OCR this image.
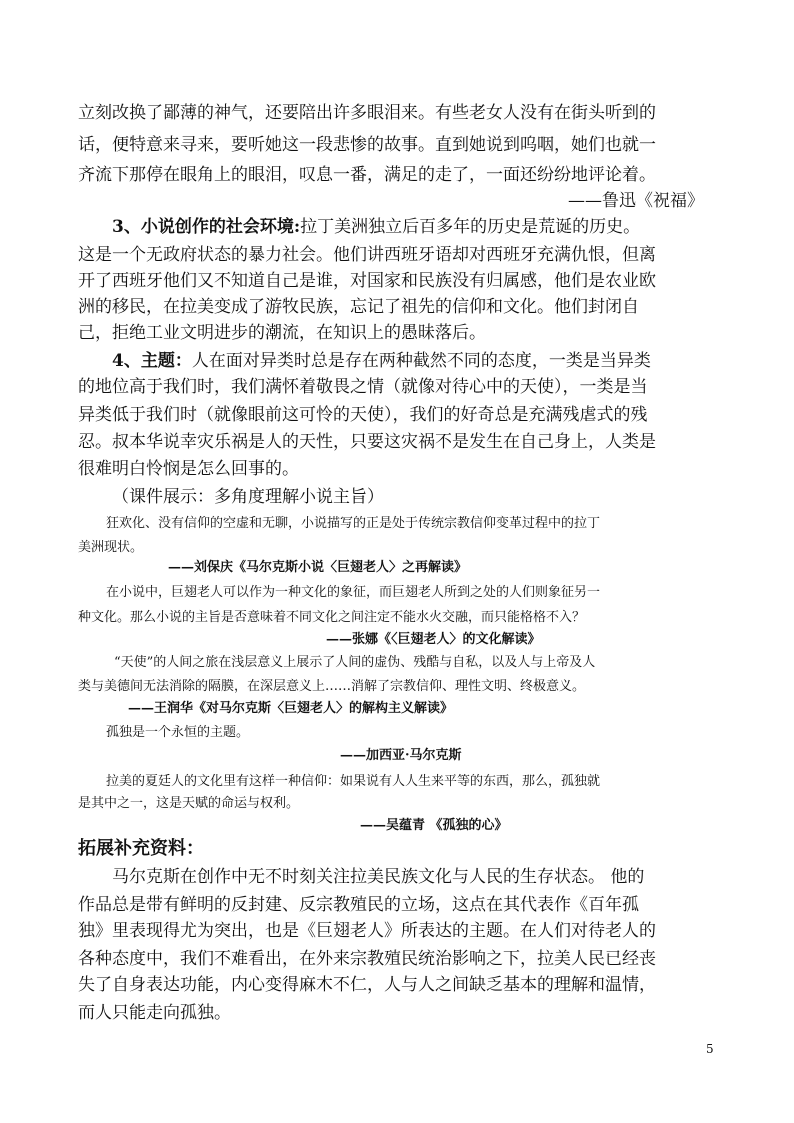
立刻改换了鄙薄的神气，还要陪出许多眼泪来。有些老女人没有在街头听到的
话，便特意来寻来，要听她这一段悲惨的故事。直到她说到呜咽，她们也就一
齐流下那停在眼角上的眼泪，叹息一番，满足的走了，一面还纷纷地评论着。
——鲁迅《祝福》
3、小说创作的社会环境:拉丁美洲独立后百多年的历史是荒诞的历史。
这是一个无政府状态的暴力社会。他们讲西班牙语却对西班牙充满仇恨，但离
开了西班牙他们又不知道自己是谁，对国家和民族没有归属感，他们是农业欧
洲的移民，在拉美变成了游牧民族，忘记了祖先的信仰和文化。他们封闭自
己，拒绝工业文明进步的潮流，在知识上的愚昧落后。
4、主题：人在面对异类时总是存在两种截然不同的态度，一类是当异类
的地位高于我们时，我们满怀着敬畏之情（就像对待心中的天使），一类是当
异类低于我们时（就像眼前这可怜的天使），我们的好奇总是充满残虐式的残
忍。叔本华说幸灾乐祸是人的天性，只要这灾祸不是发生在自己身上，人类是
很难明白怜悯是怎么回事的。
（课件展示：多角度理解小说主旨）
狂欢化、没有信仰的空虚和无聊，小说描写的正是处于传统宗教信仰变革过程中的拉丁
美洲现状。
——刘保庆《马尔克斯小说〈巨翅老人〉之再解读》
在小说中，巨翅老人可以作为一种文化的象征，而巨翅老人所到之处的人们则象征另一
种文化。那么小说的主旨是否意味着不同文化之间注定不能水火交融，而只能格格不入？
——张娜《〈巨翅老人〉的文化解读》
“天使”的人间之旅在浅层意义上展示了人间的虚伪、残酷与自私，以及人与上帝及人
类与美德间无法消除的隔膜，在深层意义上……消解了宗教信仰、理性文明、终极意义。
——王润华《对马尔克斯〈巨翅老人〉的解构主义解读》
孤独是一个永恒的主题。
——加西亚·马尔克斯
拉美的夏廷人的文化里有这样一种信仰：如果说有人人生来平等的东西，那么，孤独就
是其中之一，这是天赋的命运与权利。
——吴蕴青 《孤独的心》
拓展补充资料：
马尔克斯在创作中无不时刻关注拉美民族文化与人民的生存状态。 他的
作品总是带有鲜明的反封建、反宗教殖民的立场，这点在其代表作《百年孤
独》里表现得尤为突出，也是《巨翅老人》所表达的主题。在人们对待老人的
各种态度中，我们不难看出，在外来宗教殖民统治影响之下，拉美人民已经丧
失了自身表达功能，内心变得麻木不仁，人与人之间缺乏基本的理解和温情，
而人只能走向孤独。
5
